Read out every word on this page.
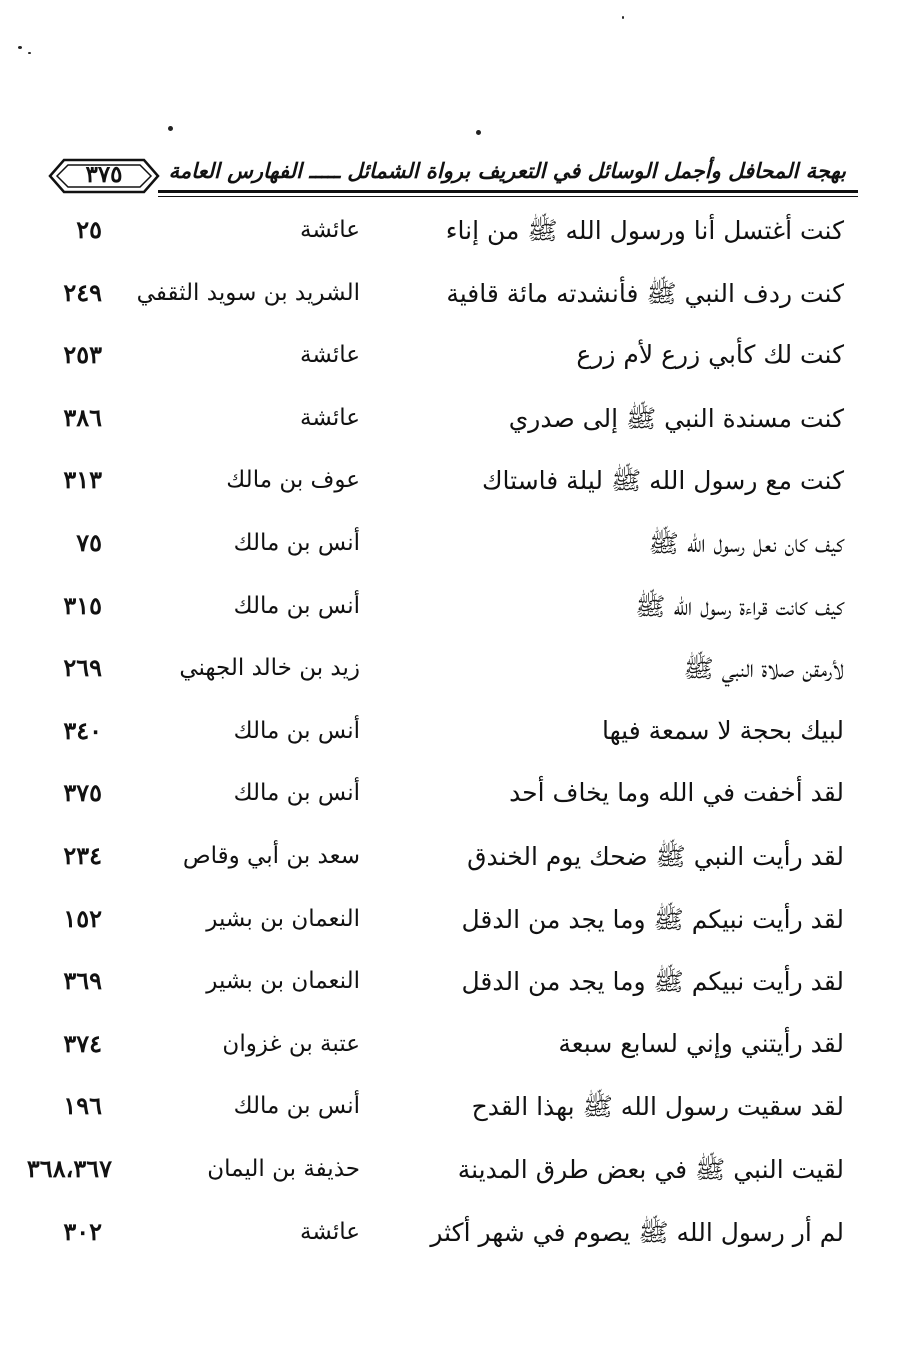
٣٧٥	بهجة المحافل وأجمل الوسائل في التعريف برواة الشمائل ـــــ الفهارس العامة
كنت أغتسل أنا ورسول الله ﷺ من إناء
عائشة
٢٥
كنت ردف النبي ﷺ فأنشدته مائة قافية
الشريد بن سويد الثقفي
٢٤٩
كنت لك كأبي زرع لأم زرع
عائشة
٢٥٣
كنت مسندة النبي ﷺ إلى صدري
عائشة
٣٨٦
كنت مع رسول الله ﷺ ليلة فاستاك
عوف بن مالك
٣١٣
كيف كان نعل رسول الله ﷺ
أنس بن مالك
٧٥
كيف كانت قراءة رسول الله ﷺ
أنس بن مالك
٣١٥
لأرمقن صلاة النبي ﷺ
زيد بن خالد الجهني
٢٦٩
لبيك بحجة لا سمعة فيها
أنس بن مالك
٣٤٠
لقد أخفت في الله وما يخاف أحد
أنس بن مالك
٣٧٥
لقد رأيت النبي ﷺ ضحك يوم الخندق
سعد بن أبي وقاص
٢٣٤
لقد رأيت نبيكم ﷺ وما يجد من الدقل
النعمان بن بشير
١٥٢
لقد رأيت نبيكم ﷺ وما يجد من الدقل
النعمان بن بشير
٣٦٩
لقد رأيتني وإني لسابع سبعة
عتبة بن غزوان
٣٧٤
لقد سقيت رسول الله ﷺ بهذا القدح
أنس بن مالك
١٩٦
لقيت النبي ﷺ في بعض طرق المدينة
حذيفة بن اليمان
٣٦٨،٣٦٧
لم أر رسول الله ﷺ يصوم في شهر أكثر
عائشة
٣٠٢
